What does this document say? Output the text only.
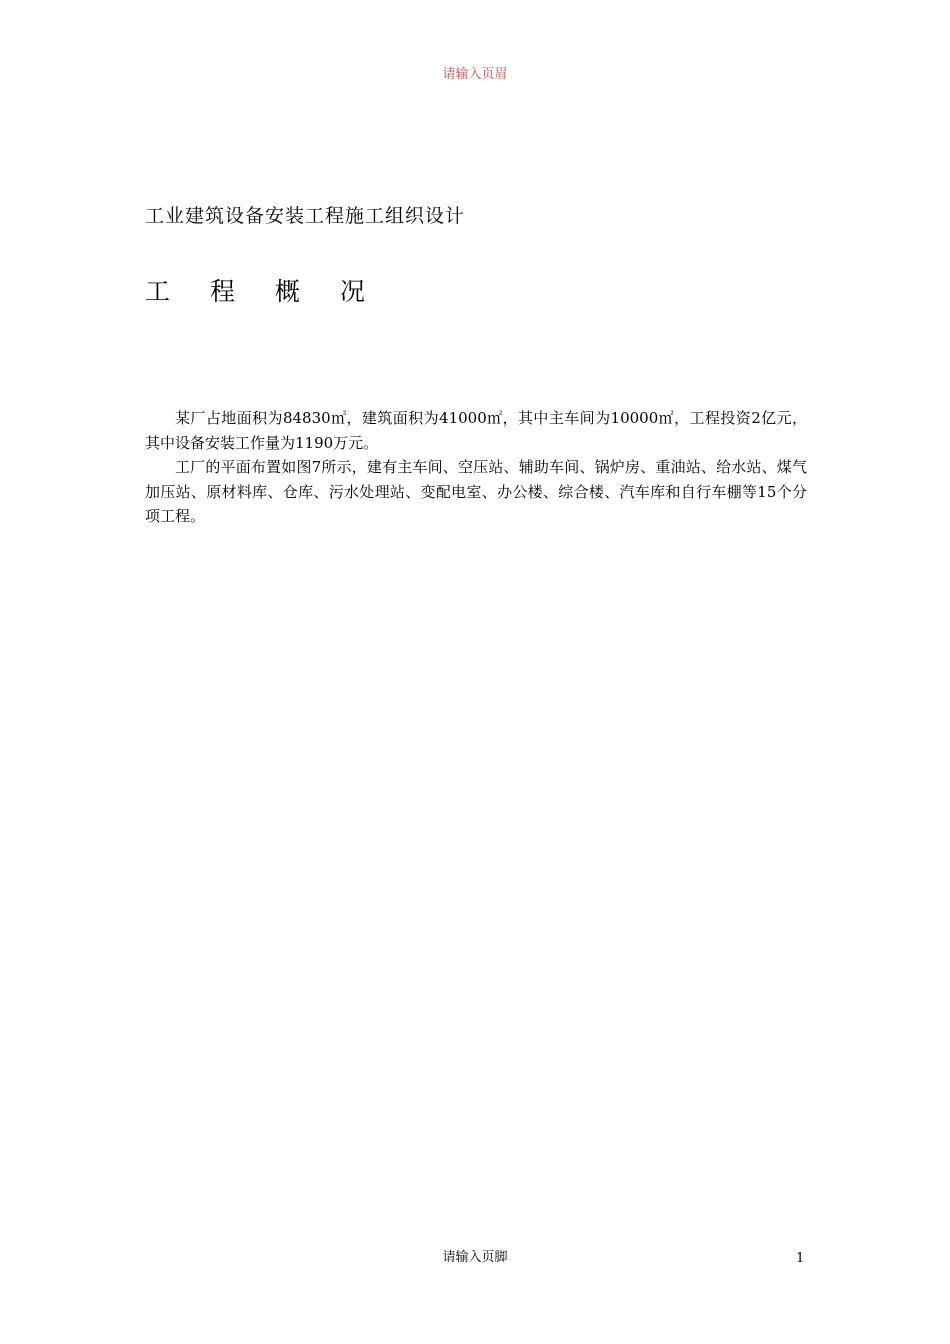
请输入页眉
工业建筑设备安装工程施工组织设计
工 程 概 况

某厂占地面积为84830㎡，建筑面积为41000㎡，其中主车间为10000㎡，工程投资2亿元，其中设备安装工作量为1190万元。

工厂的平面布置如图7所示，建有主车间、空压站、辅助车间、锅炉房、重油站、给水站、煤气加压站、原材料库、仓库、污水处理站、变配电室、办公楼、综合楼、汽车库和自行车棚等15个分项工程。

请输入页脚	1
